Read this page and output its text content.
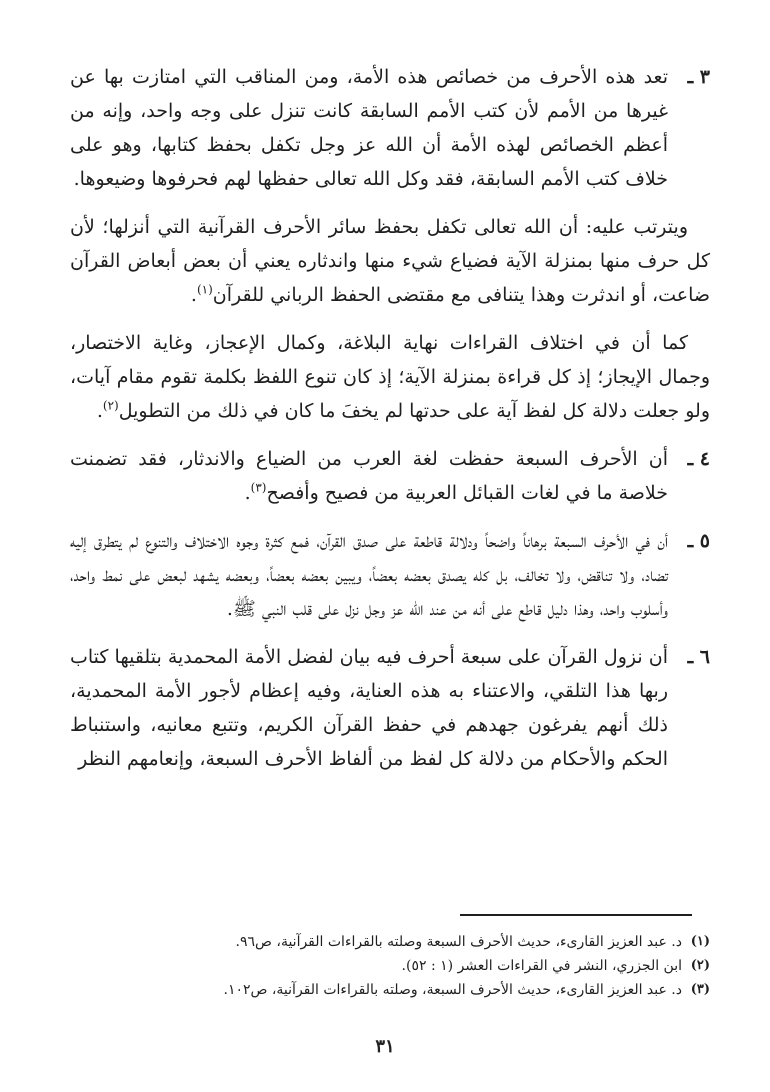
٣ ـ
تعد هذه الأحرف من خصائص هذه الأمة، ومن المناقب التي امتازت بها عن غيرها من الأمم لأن كتب الأمم السابقة كانت تنزل على وجه واحد، وإنه من أعظم الخصائص لهذه الأمة أن الله عز وجل تكفل بحفظ كتابها، وهو على خلاف كتب الأمم السابقة، فقد وكل الله تعالى حفظها لهم فحرفوها وضيعوها.

ويترتب عليه: أن الله تعالى تكفل بحفظ سائر الأحرف القرآنية التي أنزلها؛ لأن كل حرف منها بمنزلة الآية فضياع شيء منها واندثاره يعني أن بعض أبعاض القرآن ضاعت، أو اندثرت وهذا يتنافى مع مقتضى الحفظ الرباني للقرآن$^{(١)}$.

كما أن في اختلاف القراءات نهاية البلاغة، وكمال الإعجاز، وغاية الاختصار، وجمال الإيجاز؛ إذ كل قراءة بمنزلة الآية؛ إذ كان تنوع اللفظ بكلمة تقوم مقام آيات، ولو جعلت دلالة كل لفظ آية على حدتها لم يخفَ ما كان في ذلك من التطويل$^{(٢)}$.

٤ ـ
أن الأحرف السبعة حفظت لغة العرب من الضياع والاندثار، فقد تضمنت خلاصة ما في لغات القبائل العربية من فصيح وأفصح$^{(٣)}$.
٥ ـ
أن في الأحرف السبعة برهاناً واضحاً ودلالة قاطعة على صدق القرآن، فمع كثرة وجوه الاختلاف والتنوع لم يتطرق إليه تضاد، ولا تناقض، ولا تخالف، بل كله يصدق بعضه بعضاً، ويبين بعضه بعضاً، وبعضه يشهد لبعض على نمط واحد، وأسلوب واحد، وهذا دليل قاطع على أنه من عند الله عز وجل نزل على قلب النبي ﷺ.
٦ ـ
أن نزول القرآن على سبعة أحرف فيه بيان لفضل الأمة المحمدية بتلقيها كتاب ربها هذا التلقي، والاعتناء به هذه العناية، وفيه إعظام لأجور الأمة المحمدية، ذلك أنهم يفرغون جهدهم في حفظ القرآن الكريم، وتتبع معانيه، واستنباط الحكم والأحكام من دلالة كل لفظ من ألفاظ الأحرف السبعة، وإنعامهم النظر
(١)
د. عبد العزيز القارىء، حديث الأحرف السبعة وصلته بالقراءات القرآنية، ص٩٦.
(٢)
ابن الجزري، النشر في القراءات العشر (١ : ٥٢).
(٣)
د. عبد العزيز القارىء، حديث الأحرف السبعة، وصلته بالقراءات القرآنية، ص١٠٢.
٣١
